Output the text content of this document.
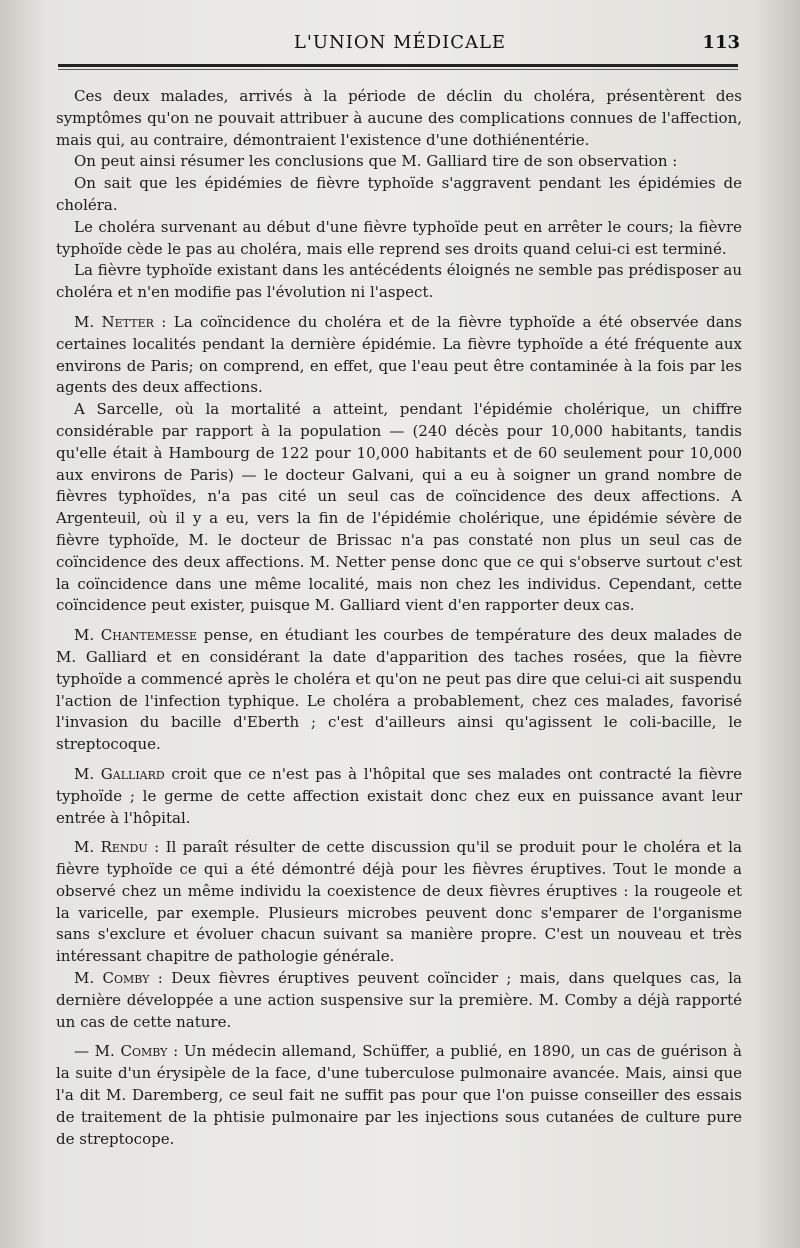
L'UNION MÉDICALE	113

Ces deux malades, arrivés à la période de déclin du choléra, présentèrent des symptômes qu'on ne pouvait attribuer à aucune des complications connues de l'affection, mais qui, au contraire, démontraient l'existence d'une dothiénentérie.

On peut ainsi résumer les conclusions que M. Galliard tire de son observation :

On sait que les épidémies de fièvre typhoïde s'aggravent pendant les épidémies de choléra.

Le choléra survenant au début d'une fièvre typhoïde peut en arrêter le cours; la fièvre typhoïde cède le pas au choléra, mais elle reprend ses droits quand celui-ci est terminé.

La fièvre typhoïde existant dans les antécédents éloignés ne semble pas prédisposer au choléra et n'en modifie pas l'évolution ni l'aspect.

M. Netter : La coïncidence du choléra et de la fièvre typhoïde a été observée dans certaines localités pendant la dernière épidémie. La fièvre typhoïde a été fréquente aux environs de Paris; on comprend, en effet, que l'eau peut être contaminée à la fois par les agents des deux affections.

A Sarcelle, où la mortalité a atteint, pendant l'épidémie cholérique, un chiffre considérable par rapport à la population — (240 décès pour 10,000 habitants, tandis qu'elle était à Hambourg de 122 pour 10,000 habitants et de 60 seulement pour 10,000 aux environs de Paris) — le docteur Galvani, qui a eu à soigner un grand nombre de fièvres typhoïdes, n'a pas cité un seul cas de coïncidence des deux affections. A Argenteuil, où il y a eu, vers la fin de l'épidémie cholérique, une épidémie sévère de fièvre typhoïde, M. le docteur de Brissac n'a pas constaté non plus un seul cas de coïncidence des deux affections. M. Netter pense donc que ce qui s'observe surtout c'est la coïncidence dans une même localité, mais non chez les individus. Cependant, cette coïncidence peut exister, puisque M. Galliard vient d'en rapporter deux cas.

M. Chantemesse pense, en étudiant les courbes de température des deux malades de M. Galliard et en considérant la date d'apparition des taches rosées, que la fièvre typhoïde a commencé après le choléra et qu'on ne peut pas dire que celui-ci ait suspendu l'action de l'infection typhique. Le choléra a probablement, chez ces malades, favorisé l'invasion du bacille d'Eberth ; c'est d'ailleurs ainsi qu'agissent le coli-bacille, le streptocoque.

M. Galliard croit que ce n'est pas à l'hôpital que ses malades ont contracté la fièvre typhoïde ; le germe de cette affection existait donc chez eux en puissance avant leur entrée à l'hôpital.

M. Rendu : Il paraît résulter de cette discussion qu'il se produit pour le choléra et la fièvre typhoïde ce qui a été démontré déjà pour les fièvres éruptives. Tout le monde a observé chez un même individu la coexistence de deux fièvres éruptives : la rougeole et la varicelle, par exemple. Plusieurs microbes peuvent donc s'emparer de l'organisme sans s'exclure et évoluer chacun suivant sa manière propre. C'est un nouveau et très intéressant chapitre de pathologie générale.

M. Comby : Deux fièvres éruptives peuvent coïncider ; mais, dans quelques cas, la dernière développée a une action suspensive sur la première. M. Comby a déjà rapporté un cas de cette nature.

— M. Comby : Un médecin allemand, Schüffer, a publié, en 1890, un cas de guérison à la suite d'un érysipèle de la face, d'une tuberculose pulmonaire avancée. Mais, ainsi que l'a dit M. Daremberg, ce seul fait ne suffit pas pour que l'on puisse conseiller des essais de traitement de la phtisie pulmonaire par les injections sous cutanées de culture pure de streptocope.
